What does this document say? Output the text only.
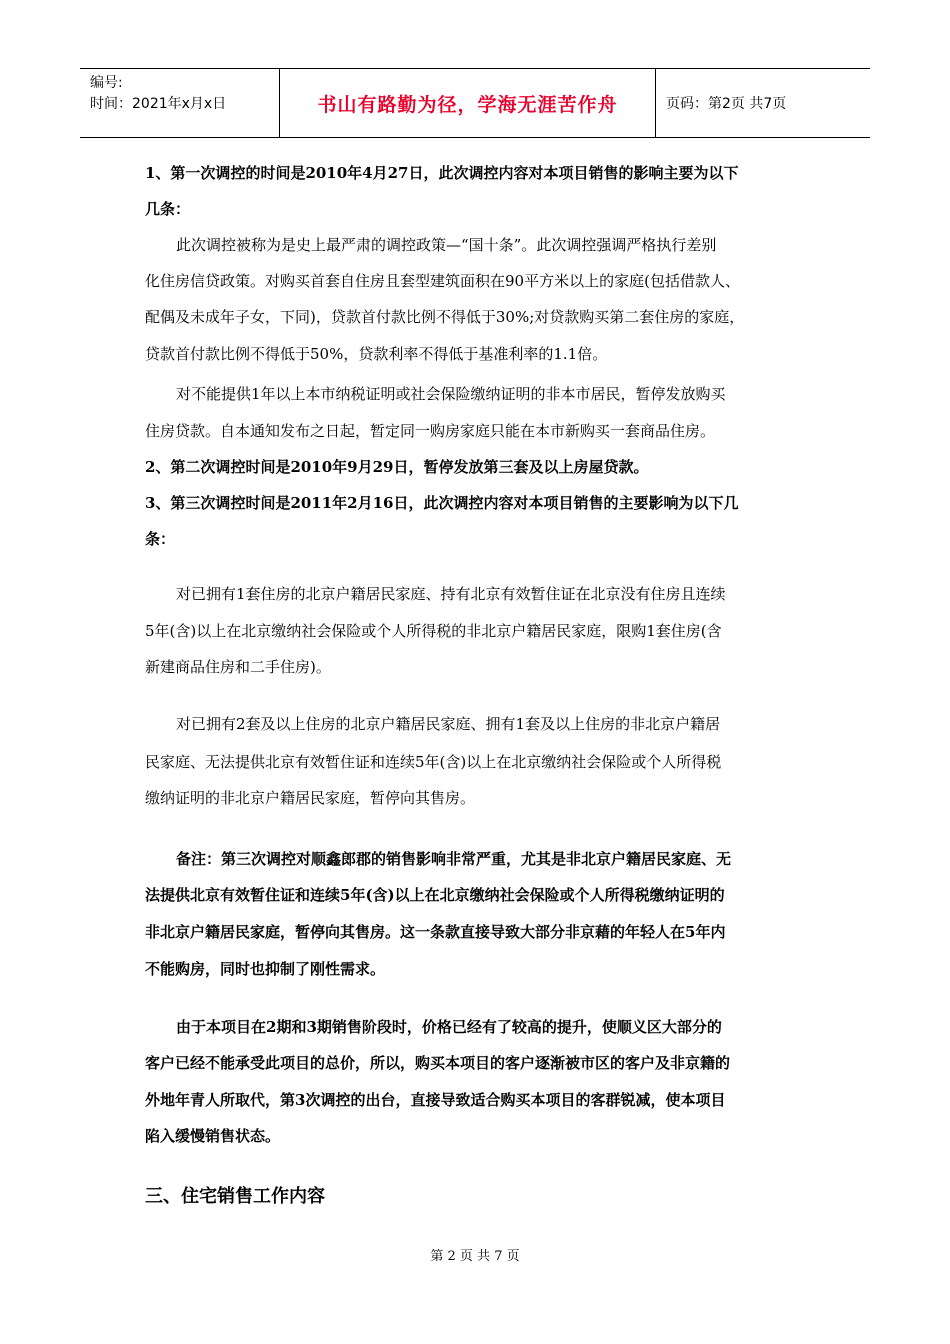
编号:
时间：2021年x月x日	书山有路勤为径，学海无涯苦作舟	页码：第2页 共7页
1、第一次调控的时间是2010年4月27日，此次调控内容对本项目销售的影响主要为以下
几条：
此次调控被称为是史上最严肃的调控政策—“国十条”。此次调控强调严格执行差别
化住房信贷政策。对购买首套自住房且套型建筑面积在90平方米以上的家庭(包括借款人、
配偶及未成年子女，下同)，贷款首付款比例不得低于30%;对贷款购买第二套住房的家庭，
贷款首付款比例不得低于50%，贷款利率不得低于基准利率的1.1倍。
对不能提供1年以上本市纳税证明或社会保险缴纳证明的非本市居民，暂停发放购买
住房贷款。自本通知发布之日起，暂定同一购房家庭只能在本市新购买一套商品住房。
2、第二次调控时间是2010年9月29日，暂停发放第三套及以上房屋贷款。
3、第三次调控时间是2011年2月16日，此次调控内容对本项目销售的主要影响为以下几
条：
对已拥有1套住房的北京户籍居民家庭、持有北京有效暂住证在北京没有住房且连续
5年(含)以上在北京缴纳社会保险或个人所得税的非北京户籍居民家庭，限购1套住房(含
新建商品住房和二手住房)。
对已拥有2套及以上住房的北京户籍居民家庭、拥有1套及以上住房的非北京户籍居
民家庭、无法提供北京有效暂住证和连续5年(含)以上在北京缴纳社会保险或个人所得税
缴纳证明的非北京户籍居民家庭，暂停向其售房。
备注：第三次调控对顺鑫郎郡的销售影响非常严重，尤其是非北京户籍居民家庭、无
法提供北京有效暂住证和连续5年(含)以上在北京缴纳社会保险或个人所得税缴纳证明的
非北京户籍居民家庭，暂停向其售房。这一条款直接导致大部分非京藉的年轻人在5年内
不能购房，同时也抑制了刚性需求。
由于本项目在2期和3期销售阶段时，价格已经有了较高的提升，使顺义区大部分的
客户已经不能承受此项目的总价，所以，购买本项目的客户逐渐被市区的客户及非京籍的
外地年青人所取代，第3次调控的出台，直接导致适合购买本项目的客群锐减，使本项目
陷入缓慢销售状态。
三、住宅销售工作内容
第 2 页 共 7 页
